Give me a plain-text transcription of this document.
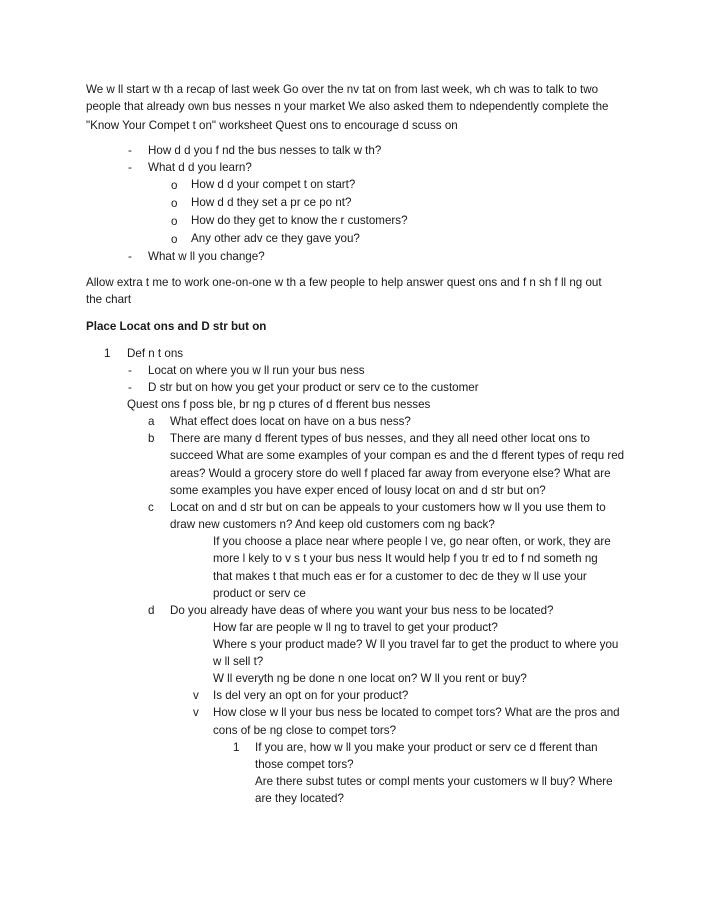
We w ll start w th a recap of last week Go over the nv tat on from last week, wh ch was to talk to two
people that already own bus nesses n your market We also asked them to ndependently complete the
"Know Your Compet t on" worksheet Quest ons to encourage d scuss on
- How d d you f nd the bus nesses to talk w th?
- What d d you learn?
o How d d your compet t on start?
o How d d they set a pr ce po nt?
o How do they get to know the r customers?
o Any other adv ce they gave you?
- What w ll you change?
Allow extra t me to work one-on-one w th a few people to help answer quest ons and f n sh f ll ng out
the chart
Place Locat ons and D str but on
1 Def n t ons
- Locat on where you w ll run your bus ness
- D str but on how you get your product or serv ce to the customer
Quest ons f poss ble, br ng p ctures of d fferent bus nesses
a What effect does locat on have on a bus ness?
b There are many d fferent types of bus nesses, and they all need other locat ons to
succeed What are some examples of your compan es and the d fferent types of requ red
areas? Would a grocery store do well f placed far away from everyone else? What are
some examples you have exper enced of lousy locat on and d str but on?
c Locat on and d str but on can be appeals to your customers how w ll you use them to
draw new customers n? And keep old customers com ng back?
If you choose a place near where people l ve, go near often, or work, they are
more l kely to v s t your bus ness It would help f you tr ed to f nd someth ng
that makes t that much eas er for a customer to dec de they w ll use your
product or serv ce
d Do you already have deas of where you want your bus ness to be located?
How far are people w ll ng to travel to get your product?
Where s your product made? W ll you travel far to get the product to where you
w ll sell t?
W ll everyth ng be done n one locat on? W ll you rent or buy?
v Is del very an opt on for your product?
v How close w ll your bus ness be located to compet tors? What are the pros and
cons of be ng close to compet tors?
1 If you are, how w ll you make your product or serv ce d fferent than
those compet tors?
Are there subst tutes or compl ments your customers w ll buy? Where
are they located?
